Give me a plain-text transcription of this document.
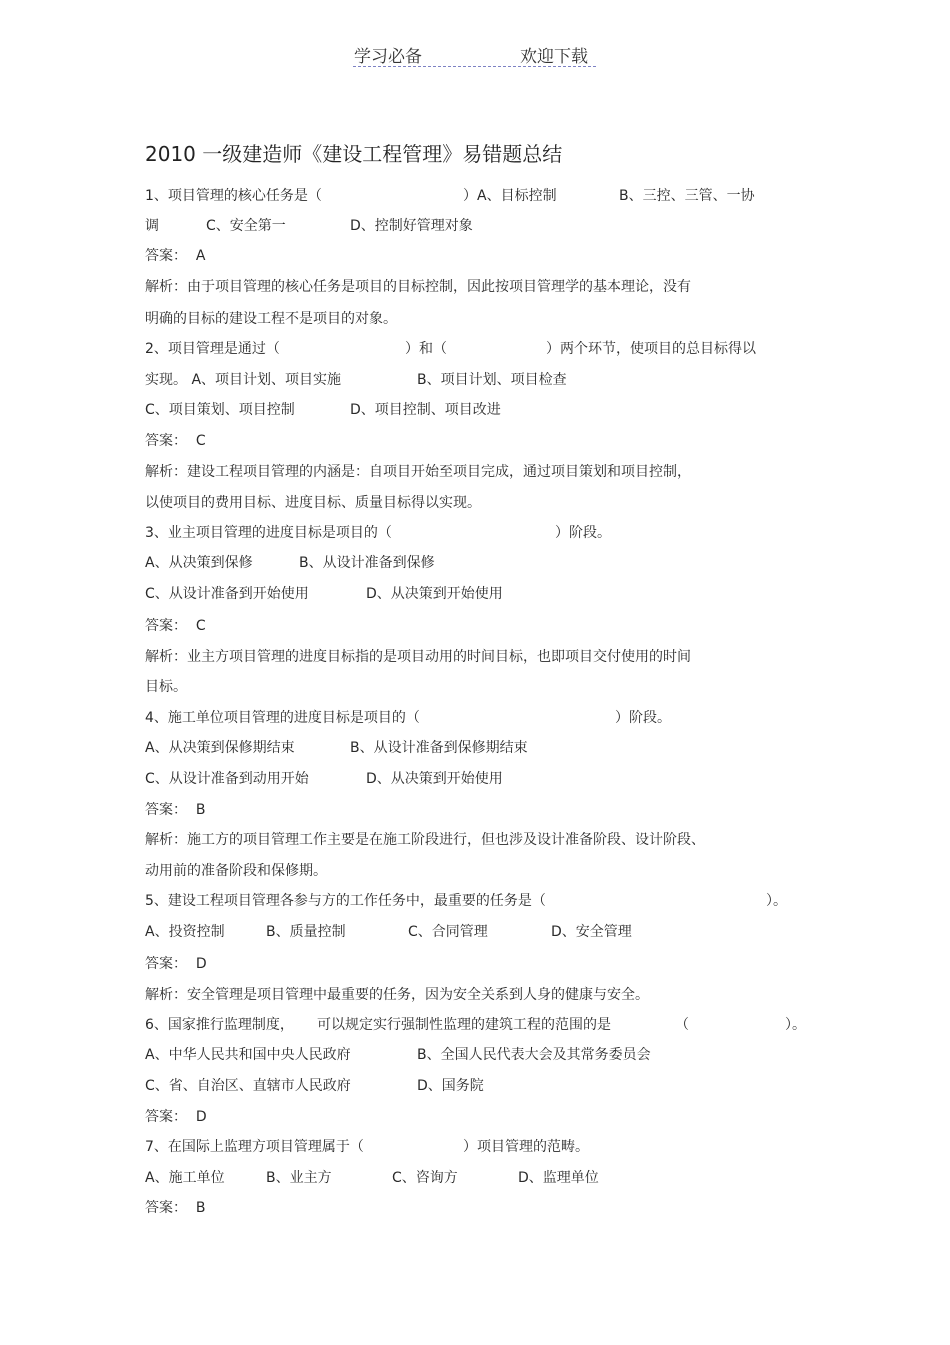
学习必备	欢迎下载
2010 一级建造师《建设工程管理》易错题总结
1、项目管理的核心任务是（	）A、目标控制	B、三控、三管、一协
调	C、安全第一	D、控制好管理对象
答案：  A
解析：由于项目管理的核心任务是项目的目标控制，因此按项目管理学的基本理论，没有
明确的目标的建设工程不是项目的对象。
2、项目管理是通过（	）和（	）两个环节，使项目的总目标得以
实现。 A、项目计划、项目实施	B、项目计划、项目检查
C、项目策划、项目控制	D、项目控制、项目改进
答案：  C
解析：建设工程项目管理的内涵是：自项目开始至项目完成，通过项目策划和项目控制，
以使项目的费用目标、进度目标、质量目标得以实现。
3、业主项目管理的进度目标是项目的（	）阶段。
A、从决策到保修	B、从设计准备到保修
C、从设计准备到开始使用	D、从决策到开始使用
答案：  C
解析：业主方项目管理的进度目标指的是项目动用的时间目标，也即项目交付使用的时间
目标。
4、施工单位项目管理的进度目标是项目的（	）阶段。
A、从决策到保修期结束	B、从设计准备到保修期结束
C、从设计准备到动用开始	D、从决策到开始使用
答案：  B
解析：施工方的项目管理工作主要是在施工阶段进行，但也涉及设计准备阶段、设计阶段、
动用前的准备阶段和保修期。
5、建设工程项目管理各参与方的工作任务中，最重要的任务是（	）。
A、投资控制	B、质量控制	C、合同管理	D、安全管理
答案：  D
解析：安全管理是项目管理中最重要的任务，因为安全关系到人身的健康与安全。
6、国家推行监理制度， 可以规定实行强制性监理的建筑工程的范围的是	（	）。
A、中华人民共和国中央人民政府	B、全国人民代表大会及其常务委员会
C、省、自治区、直辖市人民政府	D、国务院
答案：  D
7、在国际上监理方项目管理属于（	）项目管理的范畴。
A、施工单位	B、业主方	C、咨询方	D、监理单位
答案：  B
